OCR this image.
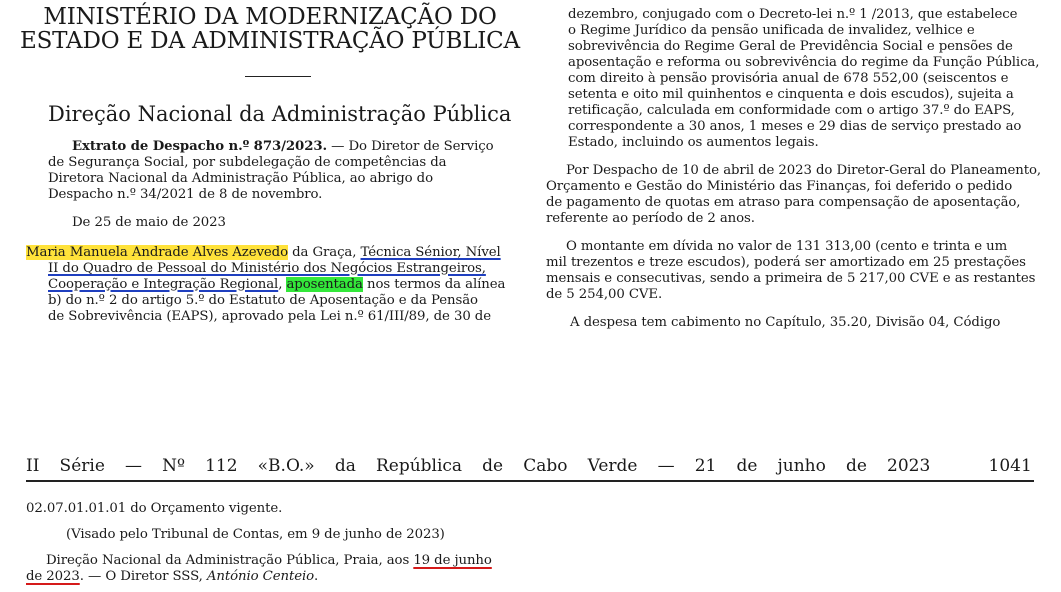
MINISTÉRIO DA MODERNIZAÇÃO DO
ESTADO E DA ADMINISTRAÇÃO PÚBLICA
Direção Nacional da Administração Pública
Extrato de Despacho n.º 873/2023. — Do Diretor de Serviço
de Segurança Social, por subdelegação de competências da
Diretora Nacional da Administração Pública, ao abrigo do
Despacho n.º 34/2021 de 8 de novembro.
De 25 de maio de 2023
Maria Manuela Andrade Alves Azevedo da Graça, Técnica Sénior, Nível
II do Quadro de Pessoal do Ministério dos Negócios Estrangeiros,
Cooperação e Integração Regional, aposentada nos termos da alínea
b) do n.º 2 do artigo 5.º do Estatuto de Aposentação e da Pensão
de Sobrevivência (EAPS), aprovado pela Lei n.º 61/III/89, de 30 de
dezembro, conjugado com o Decreto-lei n.º 1 /2013, que estabelece
o Regime Jurídico da pensão unificada de invalidez, velhice e
sobrevivência do Regime Geral de Previdência Social e pensões de
aposentação e reforma ou sobrevivência do regime da Função Pública,
com direito à pensão provisória anual de 678 552,00 (seiscentos e
setenta e oito mil quinhentos e cinquenta e dois escudos), sujeita a
retificação, calculada em conformidade com o artigo 37.º do EAPS,
correspondente a 30 anos, 1 meses e 29 dias de serviço prestado ao
Estado, incluindo os aumentos legais.
Por Despacho de 10 de abril de 2023 do Diretor-Geral do Planeamento,
Orçamento e Gestão do Ministério das Finanças, foi deferido o pedido
de pagamento de quotas em atraso para compensação de aposentação,
referente ao período de 2 anos.
O montante em dívida no valor de 131 313,00 (cento e trinta e um
mil trezentos e treze escudos), poderá ser amortizado em 25 prestações
mensais e consecutivas, sendo a primeira de 5 217,00 CVE e as restantes
de 5 254,00 CVE.
A despesa tem cabimento no Capítulo, 35.20, Divisão 04, Código
II Série — Nº 112 «B.O.» da República de Cabo Verde — 21 de junho de 2023	1041
02.07.01.01.01 do Orçamento vigente.
(Visado pelo Tribunal de Contas, em 9 de junho de 2023)
Direção Nacional da Administração Pública, Praia, aos 19 de junho
de 2023. — O Diretor SSS, António Centeio.
